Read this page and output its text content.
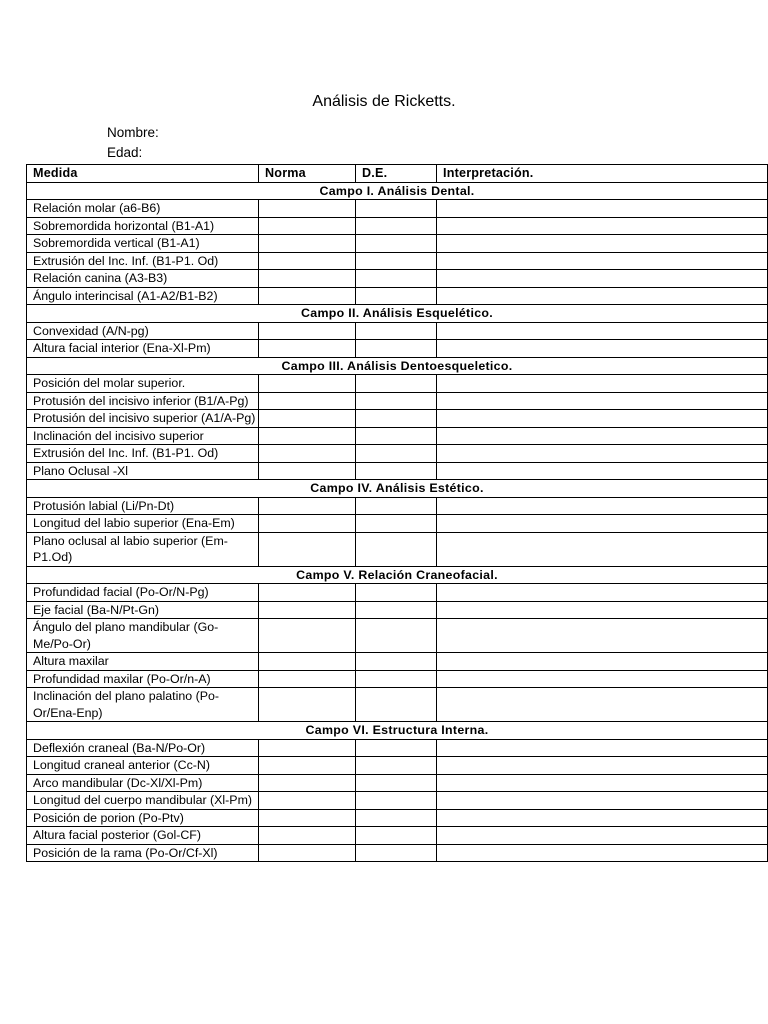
Análisis de Ricketts.
Nombre:
Edad:
Medida	Norma	D.E.	Interpretación.
Campo I. Análisis Dental.			
Relación molar (a6-B6)			
Sobremordida horizontal (B1-A1)			
Sobremordida vertical (B1-A1)			
Extrusión del Inc. Inf. (B1-P1. Od)			
Relación canina (A3-B3)			
Ángulo interincisal (A1-A2/B1-B2)			
Campo II. Análisis Esquelético.			
Convexidad (A/N-pg)			
Altura facial interior (Ena-Xl-Pm)			
Campo III. Análisis Dentoesqueletico.			
Posición del molar superior.			
Protusión del incisivo inferior (B1/A-Pg)			
Protusión del incisivo superior (A1/A-Pg)			
Inclinación del incisivo superior			
Extrusión del Inc. Inf. (B1-P1. Od)			
Plano Oclusal -Xl			
Campo IV. Análisis Estético.			
Protusión labial (Li/Pn-Dt)			
Longitud del labio superior (Ena-Em)			
Plano oclusal al labio superior (Em-P1.Od)			
Campo V. Relación Craneofacial.			
Profundidad facial (Po-Or/N-Pg)			
Eje facial (Ba-N/Pt-Gn)			
Ángulo del plano mandibular (Go-Me/Po-Or)			
Altura maxilar			
Profundidad maxilar (Po-Or/n-A)			
Inclinación del plano palatino (Po-Or/Ena-Enp)			
Campo VI. Estructura Interna.			
Deflexión craneal (Ba-N/Po-Or)			
Longitud craneal anterior (Cc-N)			
Arco mandibular (Dc-Xl/Xl-Pm)			
Longitud del cuerpo mandibular (Xl-Pm)			
Posición de porion (Po-Ptv)			
Altura facial posterior (Gol-CF)			
Posición de la rama (Po-Or/Cf-Xl)			
